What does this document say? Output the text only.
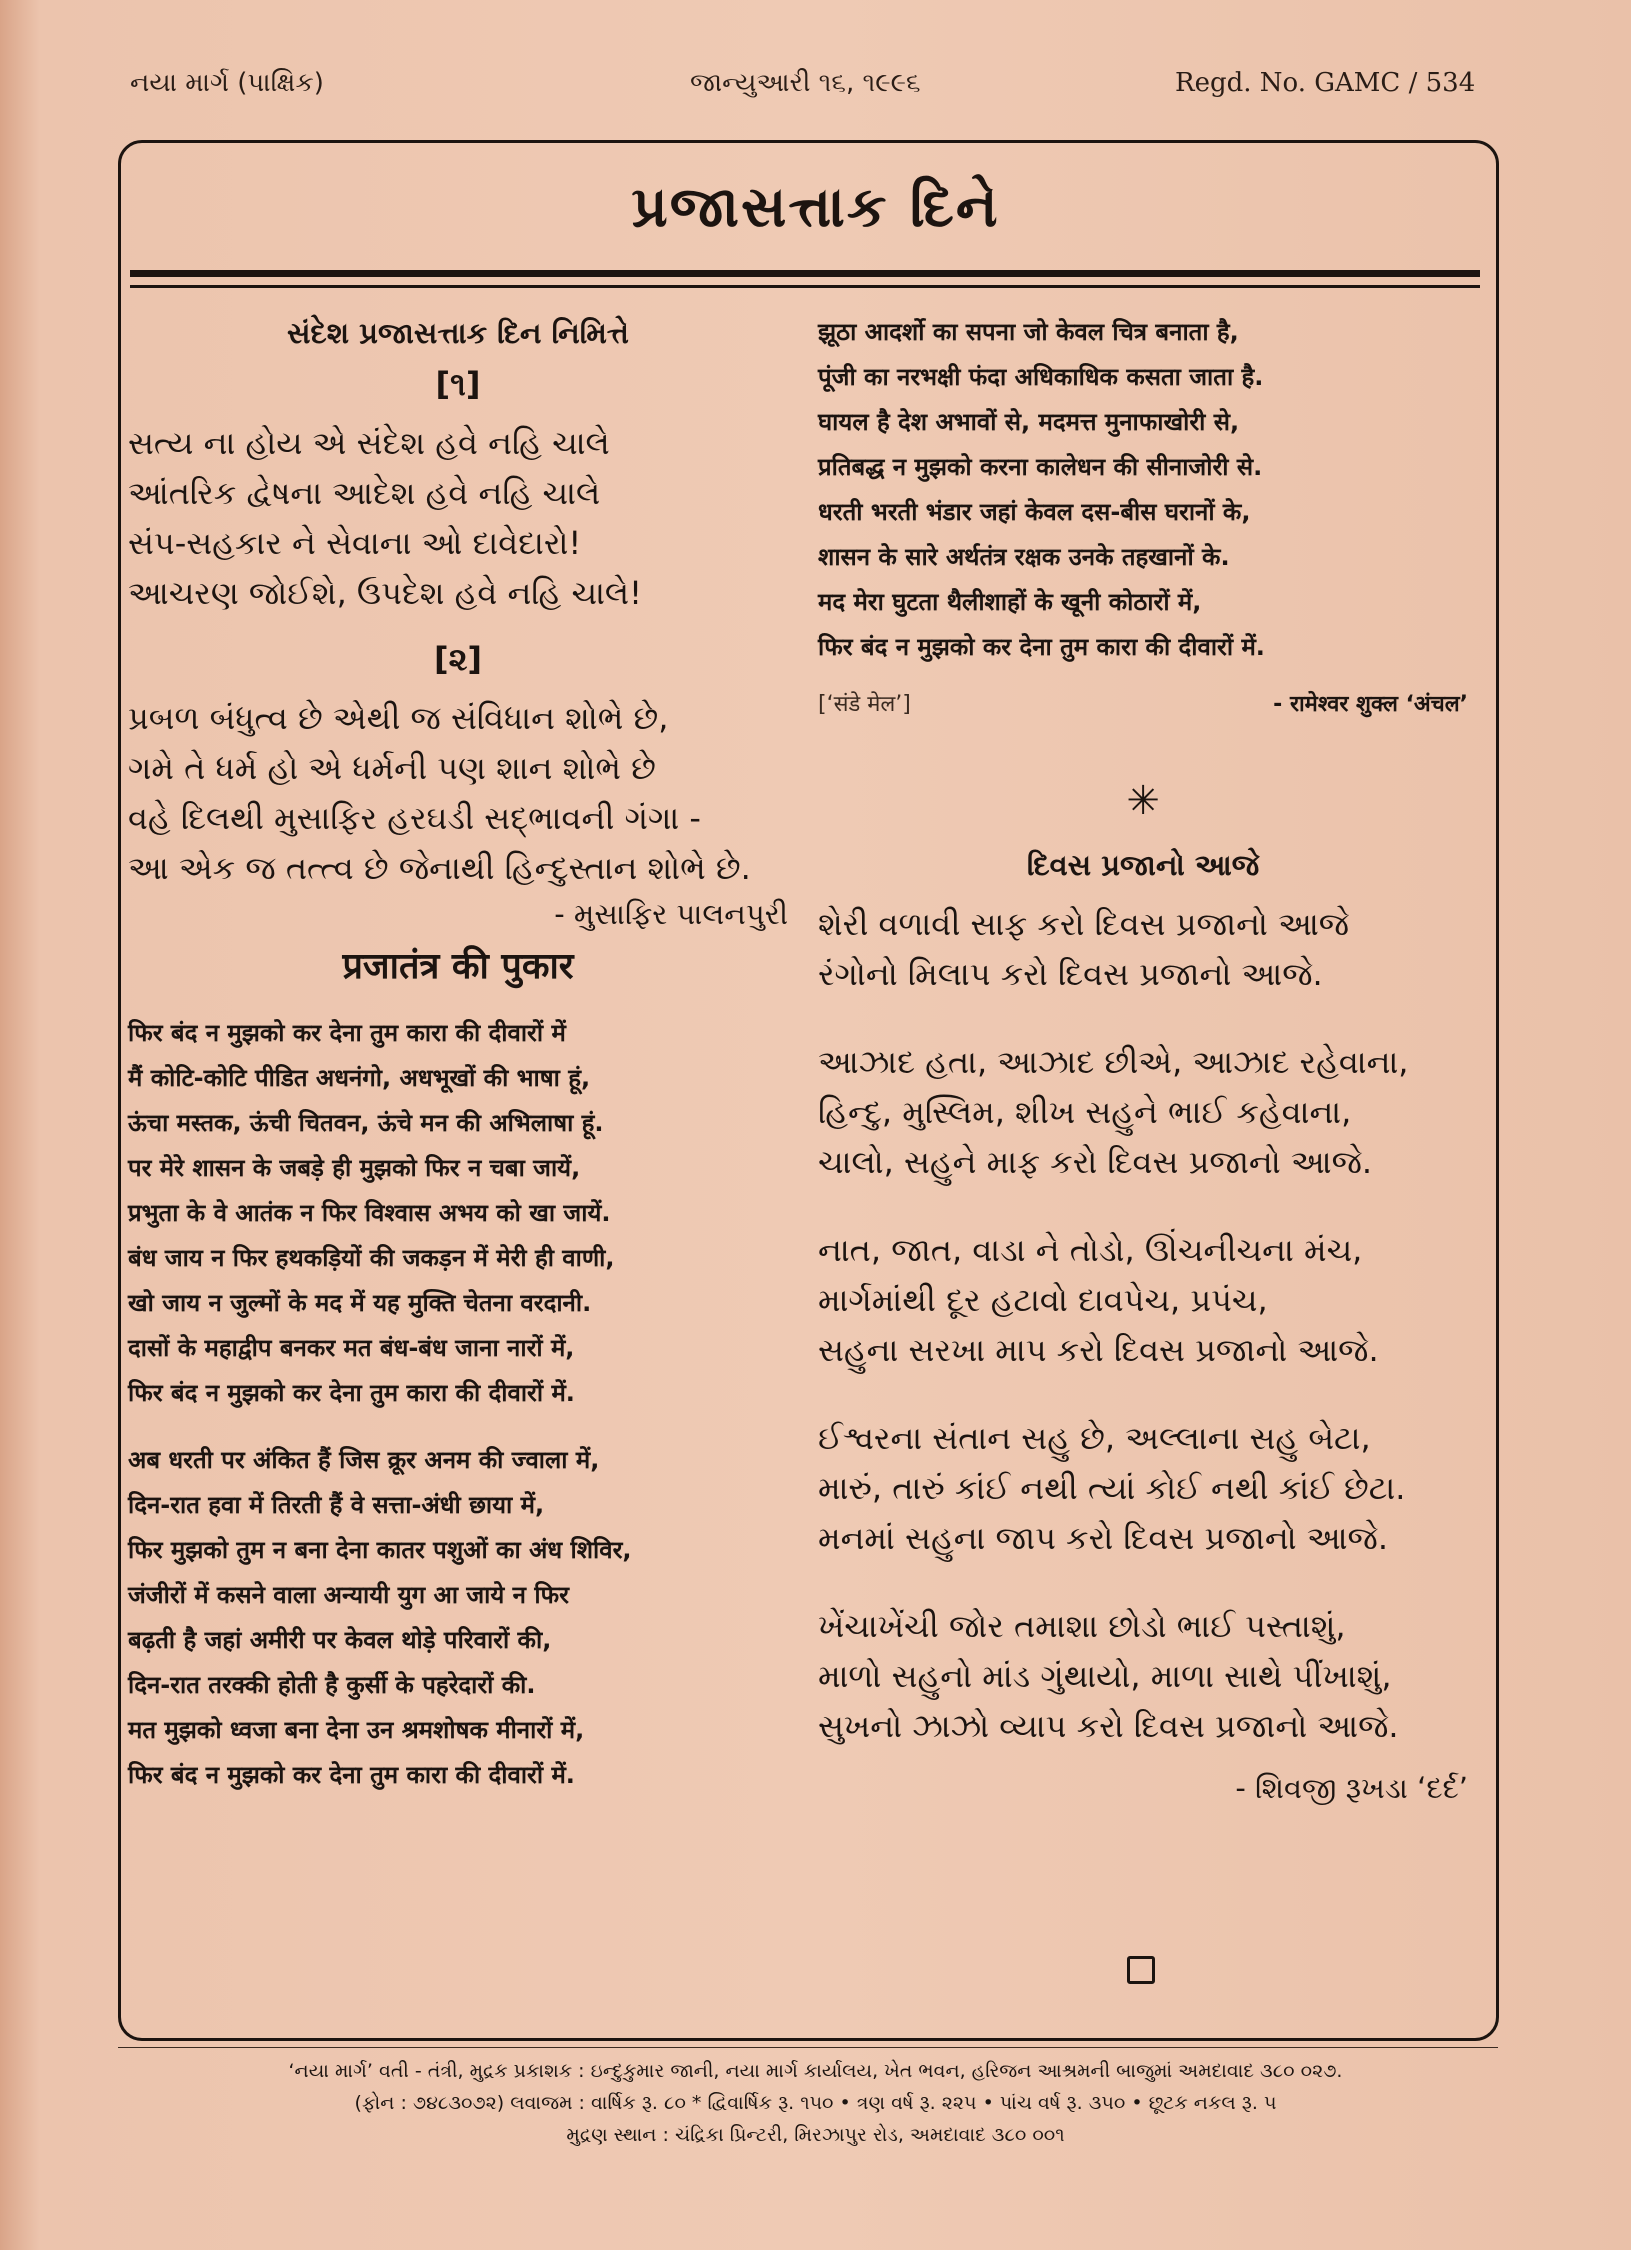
નયા માર્ગ (પાક્ષિક)	જાન્યુઆરી ૧૬, ૧૯૯૬	Regd. No. GAMC / 534
પ્રજાસત્તાક દિને
સંદેશ પ્રજાસત્તાક દિન નિમિત્તે
[૧]
સત્ય ના હોય એ સંદેશ હવે નહિ ચાલે
આંતરિક દ્વેષના આદેશ હવે નહિ ચાલે
સંપ-સહકાર ને સેવાના ઓ દાવેદારો!
આચરણ જોઈશે, ઉપદેશ હવે નહિ ચાલે!
[૨]
પ્રબળ બંધુત્વ છે એથી જ સંવિધાન શોભે છે,
ગમે તે ધર્મ હો એ ધર્મની પણ શાન શોભે છે
વહે દિલથી મુસાફિર હરઘડી સદ્ભાવની ગંગા -
આ એક જ તત્ત્વ છે જેનાથી હિન્દુસ્તાન શોભે છે.
- મુસાફિર પાલનપુરી
प्रजातंत्र की पुकार
फिर बंद न मुझको कर देना तुम कारा की दीवारों में
मैं कोटि-कोटि पीडित अधनंगो, अधभूखों की भाषा हूं,
ऊंचा मस्तक, ऊंची चितवन, ऊंचे मन की अभिलाषा हूं.
पर मेरे शासन के जबड़े ही मुझको फिर न चबा जायें,
प्रभुता के वे आतंक न फिर विश्वास अभय को खा जायें.
बंध जाय न फिर हथकड़ियों की जकड़न में मेरी ही वाणी,
खो जाय न जुल्मों के मद में यह मुक्ति चेतना वरदानी.
दासों के महाद्वीप बनकर मत बंध-बंध जाना नारों में,
फिर बंद न मुझको कर देना तुम कारा की दीवारों में.
अब धरती पर अंकित हैं जिस क्रूर अनम की ज्वाला में,
दिन-रात हवा में तिरती हैं वे सत्ता-अंधी छाया में,
फिर मुझको तुम न बना देना कातर पशुओं का अंध शिविर,
जंजीरों में कसने वाला अन्यायी युग आ जाये न फिर
बढ़ती है जहां अमीरी पर केवल थोड़े परिवारों की,
दिन-रात तरक्की होती है कुर्सी के पहरेदारों की.
मत मुझको ध्वजा बना देना उन श्रमशोषक मीनारों में,
फिर बंद न मुझको कर देना तुम कारा की दीवारों में.
झूठा आदर्शो का सपना जो केवल चित्र बनाता है,
पूंजी का नरभक्षी फंदा अधिकाधिक कसता जाता है.
घायल है देश अभावों से, मदमत्त मुनाफाखोरी से,
प्रतिबद्ध न मुझको करना कालेधन की सीनाजोरी से.
धरती भरती भंडार जहां केवल दस-बीस घरानों के,
शासन के सारे अर्थतंत्र रक्षक उनके तहखानों के.
मद मेरा घुटता थैलीशाहों के खूनी कोठारों में,
फिर बंद न मुझको कर देना तुम कारा की दीवारों में.
[‘संडे मेल’]	- रामेश्वर शुक्ल ‘अंचल’
✳
દિવસ પ્રજાનો આજે
શેરી વળાવી સાફ કરો દિવસ પ્રજાનો આજે
રંગોનો મિલાપ કરો દિવસ પ્રજાનો આજે.
આઝાદ હતા, આઝાદ છીએ, આઝાદ રહેવાના,
હિન્દુ, મુસ્લિમ, શીખ સહુને ભાઈ કહેવાના,
ચાલો, સહુને માફ કરો દિવસ પ્રજાનો આજે.
નાત, જાત, વાડા ને તોડો, ઊંચનીચના મંચ,
માર્ગમાંથી દૂર હટાવો દાવપેચ, પ્રપંચ,
સહુના સરખા માપ કરો દિવસ પ્રજાનો આજે.
ઈશ્વરના સંતાન સહુ છે, અલ્લાના સહુ બેટા,
મારું, તારું કાંઈ નથી ત્યાં કોઈ નથી કાંઈ છેટા.
મનમાં સહુના જાપ કરો દિવસ પ્રજાનો આજે.
ખેંચાખેંચી જોર તમાશા છોડો ભાઈ પસ્તાશું,
માળો સહુનો માંડ ગુંથાયો, માળા સાથે પીંખાશું,
સુખનો ઝાઝો વ્યાપ કરો દિવસ પ્રજાનો આજે.
- શિવજી રૂખડા ‘દર્દ’
‘નયા માર્ગ’ વતી - તંત્રી, મુદ્રક પ્રકાશક : ઇન્દુકુમાર જાની, નયા માર્ગ કાર્યાલય, ખેત ભવન, હરિજન આશ્રમની બાજુમાં અમદાવાદ ૩૮૦ ૦૨૭.
(ફોન : ૭૪૮૩૦૭૨) લવાજમ : વાર્ષિક રૂ. ૮૦ * દ્વિવાર્ષિક રૂ. ૧૫૦ • ત્રણ વર્ષ રૂ. ૨૨૫ • પાંચ વર્ષ રૂ. ૩૫૦ • છૂટક નકલ રૂ. ૫
મુદ્રણ સ્થાન : ચંદ્રિકા પ્રિન્ટરી, મિરઝાપુર રોડ, અમદાવાદ ૩૮૦ ૦૦૧
